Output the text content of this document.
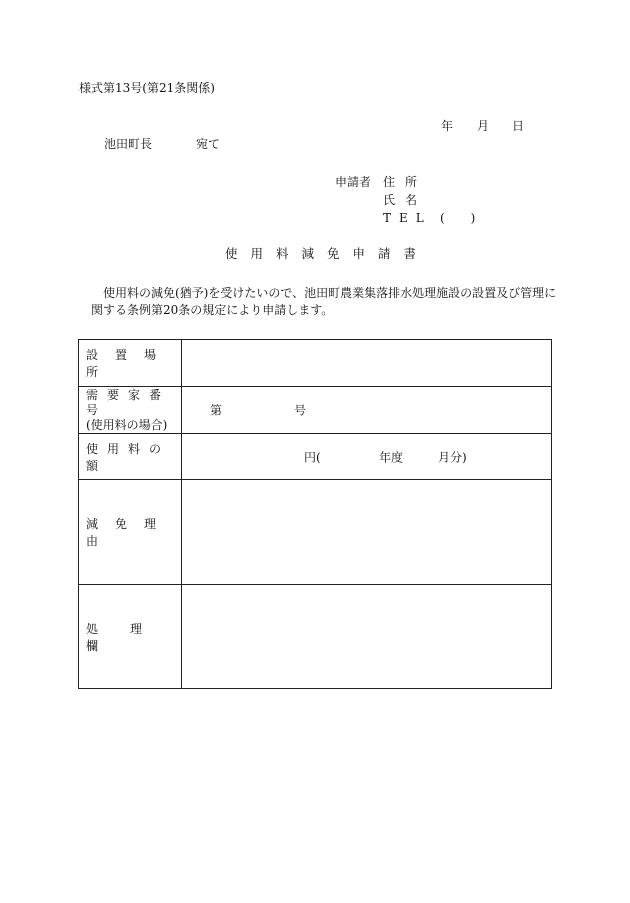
様式第13号(第21条関係)
年 月 日
池田町長	宛て
申請者 住所
氏名
TEL ()
使用料減免申請書
使用料の減免(猶予)を受けたいので、池田町農業集落排水処理施設の設置及び管理に関する条例第20条の規定により申請します。
設置場所	

需要家番号
(使用料の場合)	第 号

使用料の額	円( 年度 月分)

減免理由	
処理欄	
